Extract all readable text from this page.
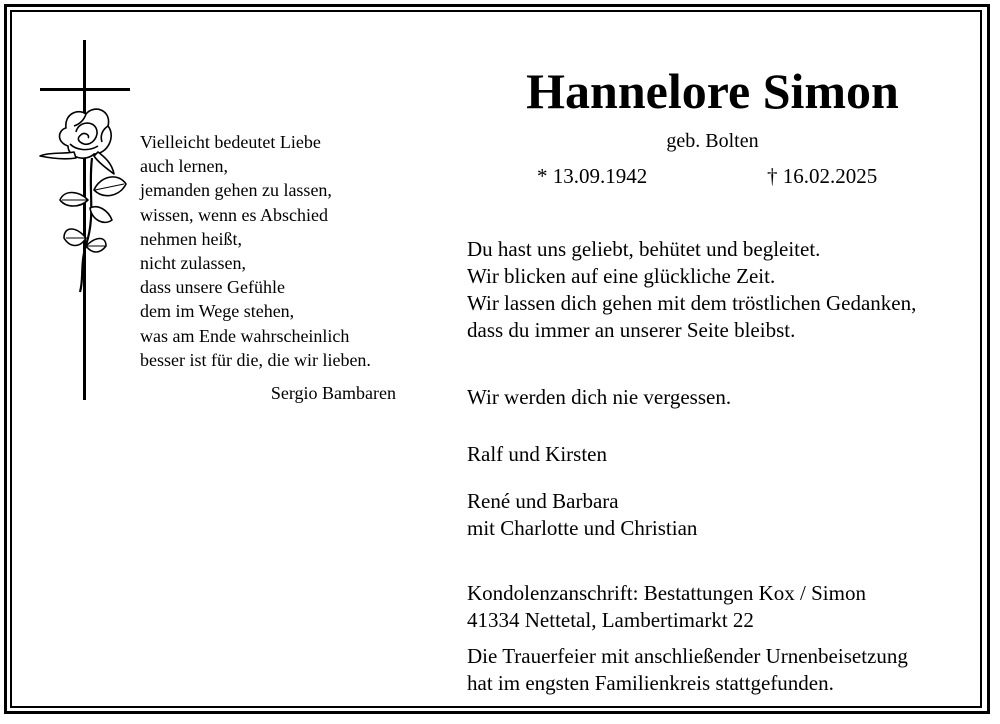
Vielleicht bedeutet Liebe
auch lernen,
jemanden gehen zu lassen,
wissen, wenn es Abschied
nehmen heißt,
nicht zulassen,
dass unsere Gefühle
dem im Wege stehen,
was am Ende wahrscheinlich
besser ist für die, die wir lieben.
Sergio Bambaren
Hannelore Simon
geb. Bolten
* 13.09.1942	† 16.02.2025
Du hast uns geliebt, behütet und begleitet.
Wir blicken auf eine glückliche Zeit.
Wir lassen dich gehen mit dem tröstlichen Gedanken,
dass du immer an unserer Seite bleibst.
Wir werden dich nie vergessen.
Ralf und Kirsten
René und Barbara
mit Charlotte und Christian
Kondolenzanschrift: Bestattungen Kox / Simon
41334 Nettetal, Lambertimarkt 22
Die Trauerfeier mit anschließender Urnenbeisetzung
hat im engsten Familienkreis stattgefunden.
